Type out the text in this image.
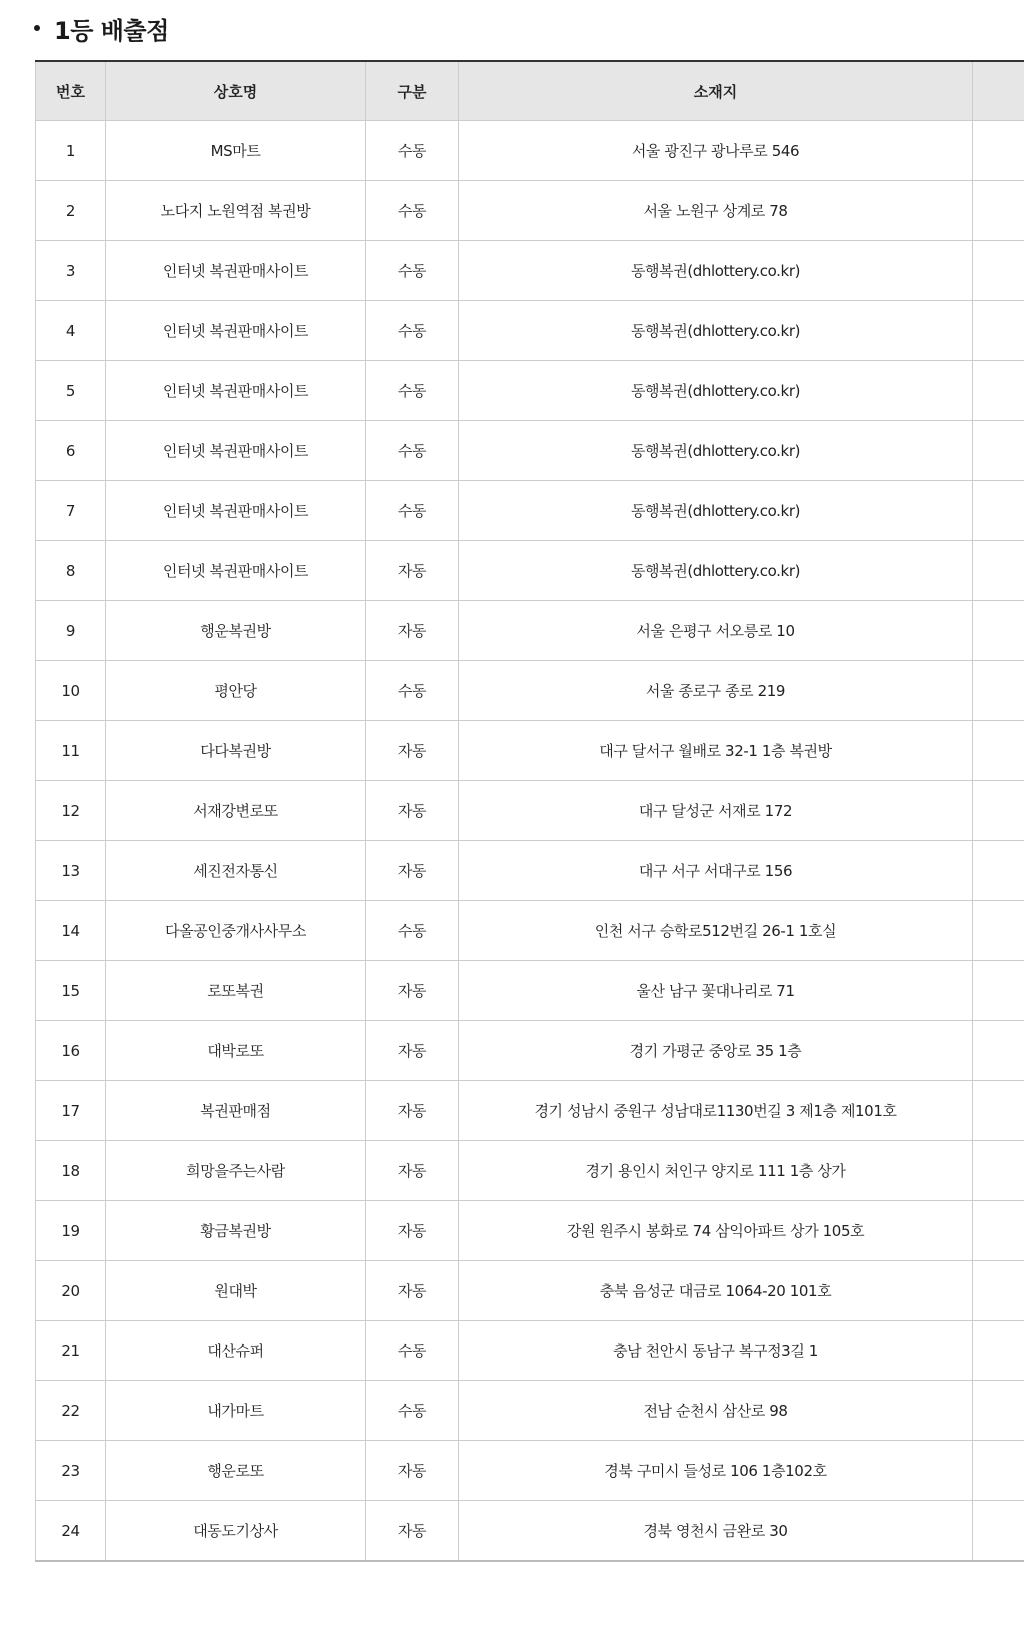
1등 배출점
번호	상호명	구분	소재지	
1	MS마트	수동	서울 광진구 광나루로 546	
2	노다지 노원역점 복권방	수동	서울 노원구 상계로 78	
3	인터넷 복권판매사이트	수동	동행복권(dhlottery.co.kr)	
4	인터넷 복권판매사이트	수동	동행복권(dhlottery.co.kr)	
5	인터넷 복권판매사이트	수동	동행복권(dhlottery.co.kr)	
6	인터넷 복권판매사이트	수동	동행복권(dhlottery.co.kr)	
7	인터넷 복권판매사이트	수동	동행복권(dhlottery.co.kr)	
8	인터넷 복권판매사이트	자동	동행복권(dhlottery.co.kr)	
9	행운복권방	자동	서울 은평구 서오릉로 10	
10	평안당	수동	서울 종로구 종로 219	
11	다다복권방	자동	대구 달서구 월배로 32-1 1층 복권방	
12	서재강변로또	자동	대구 달성군 서재로 172	
13	세진전자통신	자동	대구 서구 서대구로 156	
14	다올공인중개사사무소	수동	인천 서구 승학로512번길 26-1 1호실	
15	로또복권	자동	울산 남구 꽃대나리로 71	
16	대박로또	자동	경기 가평군 중앙로 35 1층	
17	복권판매점	자동	경기 성남시 중원구 성남대로1130번길 3 제1층 제101호	
18	희망을주는사람	자동	경기 용인시 처인구 양지로 111 1층 상가	
19	황금복권방	자동	강원 원주시 봉화로 74 삼익아파트 상가 105호	
20	원대박	자동	충북 음성군 대금로 1064-20 101호	
21	대산슈퍼	수동	충남 천안시 동남구 복구정3길 1	
22	내가마트	수동	전남 순천시 삼산로 98	
23	행운로또	자동	경북 구미시 들성로 106 1층102호	
24	대동도기상사	자동	경북 영천시 금완로 30	
